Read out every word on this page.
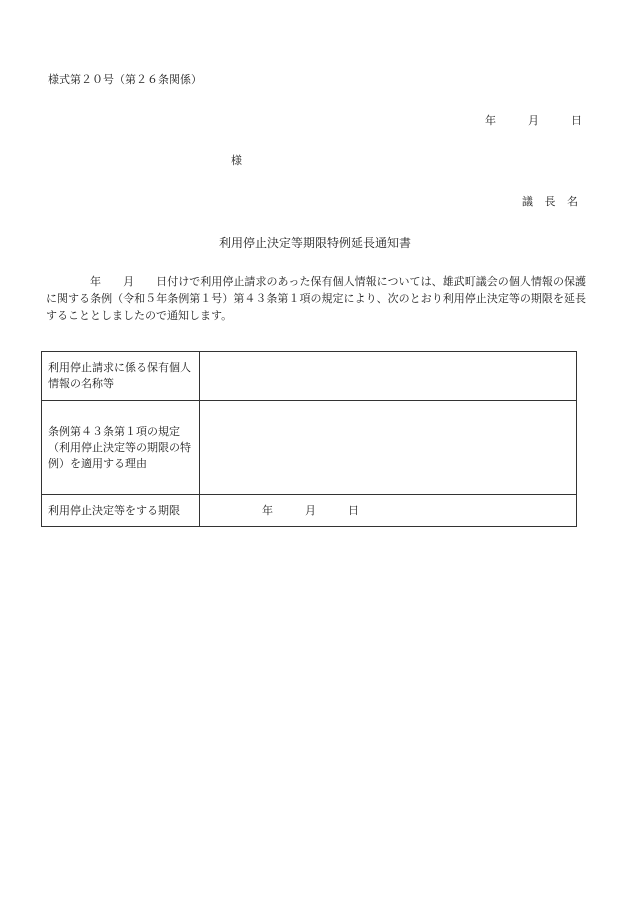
様式第２０号（第２６条関係）
年	月	日
様
議 長 名
利用停止決定等期限特例延長通知書
年 月 日付けで利用停止請求のあった保有個人情報については、雄武町議会の個人情報の保護に関する条例（令和５年条例第１号）第４３条第１項の規定により、次のとおり利用停止決定等の期限を延長することとしましたので通知します。
利用停止請求に係る保有個人情報の名称等	
条例第４３条第１項の規定（利用停止決定等の期限の特例）を適用する理由	
利用停止決定等をする期限	年 月 日
